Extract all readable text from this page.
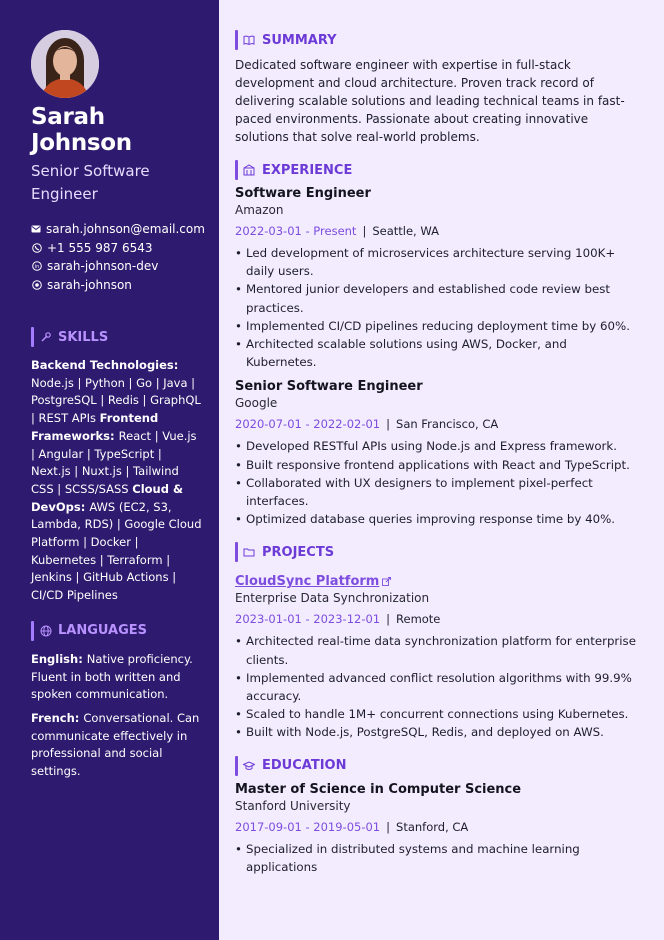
Sarah Johnson
Senior Software Engineer
sarah.johnson@email.com
+1 555 987 6543
in sarah-johnson-dev
sarah-johnson
SKILLS
Backend Technologies: Node.js | Python | Go | Java | PostgreSQL | Redis | GraphQL | REST APIs Frontend Frameworks: React | Vue.js | Angular | TypeScript | Next.js | Nuxt.js | Tailwind CSS | SCSS/SASS Cloud & DevOps: AWS (EC2, S3, Lambda, RDS) | Google Cloud Platform | Docker | Kubernetes | Terraform | Jenkins | GitHub Actions | CI/CD Pipelines
LANGUAGES
English: Native proficiency. Fluent in both written and spoken communication.
French: Conversational. Can communicate effectively in professional and social settings.
SUMMARY

Dedicated software engineer with expertise in full-stack development and cloud architecture. Proven track record of delivering scalable solutions and leading technical teams in fast-paced environments. Passionate about creating innovative solutions that solve real-world problems.

EXPERIENCE
Software Engineer
Amazon
2022-03-01 - Present | Seattle, WA
• Led development of microservices architecture serving 100K+ daily users.
• Mentored junior developers and established code review best practices.
• Implemented CI/CD pipelines reducing deployment time by 60%.
• Architected scalable solutions using AWS, Docker, and Kubernetes.
Senior Software Engineer
Google
2020-07-01 - 2022-02-01 | San Francisco, CA
• Developed RESTful APIs using Node.js and Express framework.
• Built responsive frontend applications with React and TypeScript.
• Collaborated with UX designers to implement pixel-perfect interfaces.
• Optimized database queries improving response time by 40%.
PROJECTS
CloudSync Platform
Enterprise Data Synchronization
2023-01-01 - 2023-12-01 | Remote
• Architected real-time data synchronization platform for enterprise clients.
• Implemented advanced conflict resolution algorithms with 99.9% accuracy.
• Scaled to handle 1M+ concurrent connections using Kubernetes.
• Built with Node.js, PostgreSQL, Redis, and deployed on AWS.
EDUCATION
Master of Science in Computer Science
Stanford University
2017-09-01 - 2019-05-01 | Stanford, CA
• Specialized in distributed systems and machine learning applications
